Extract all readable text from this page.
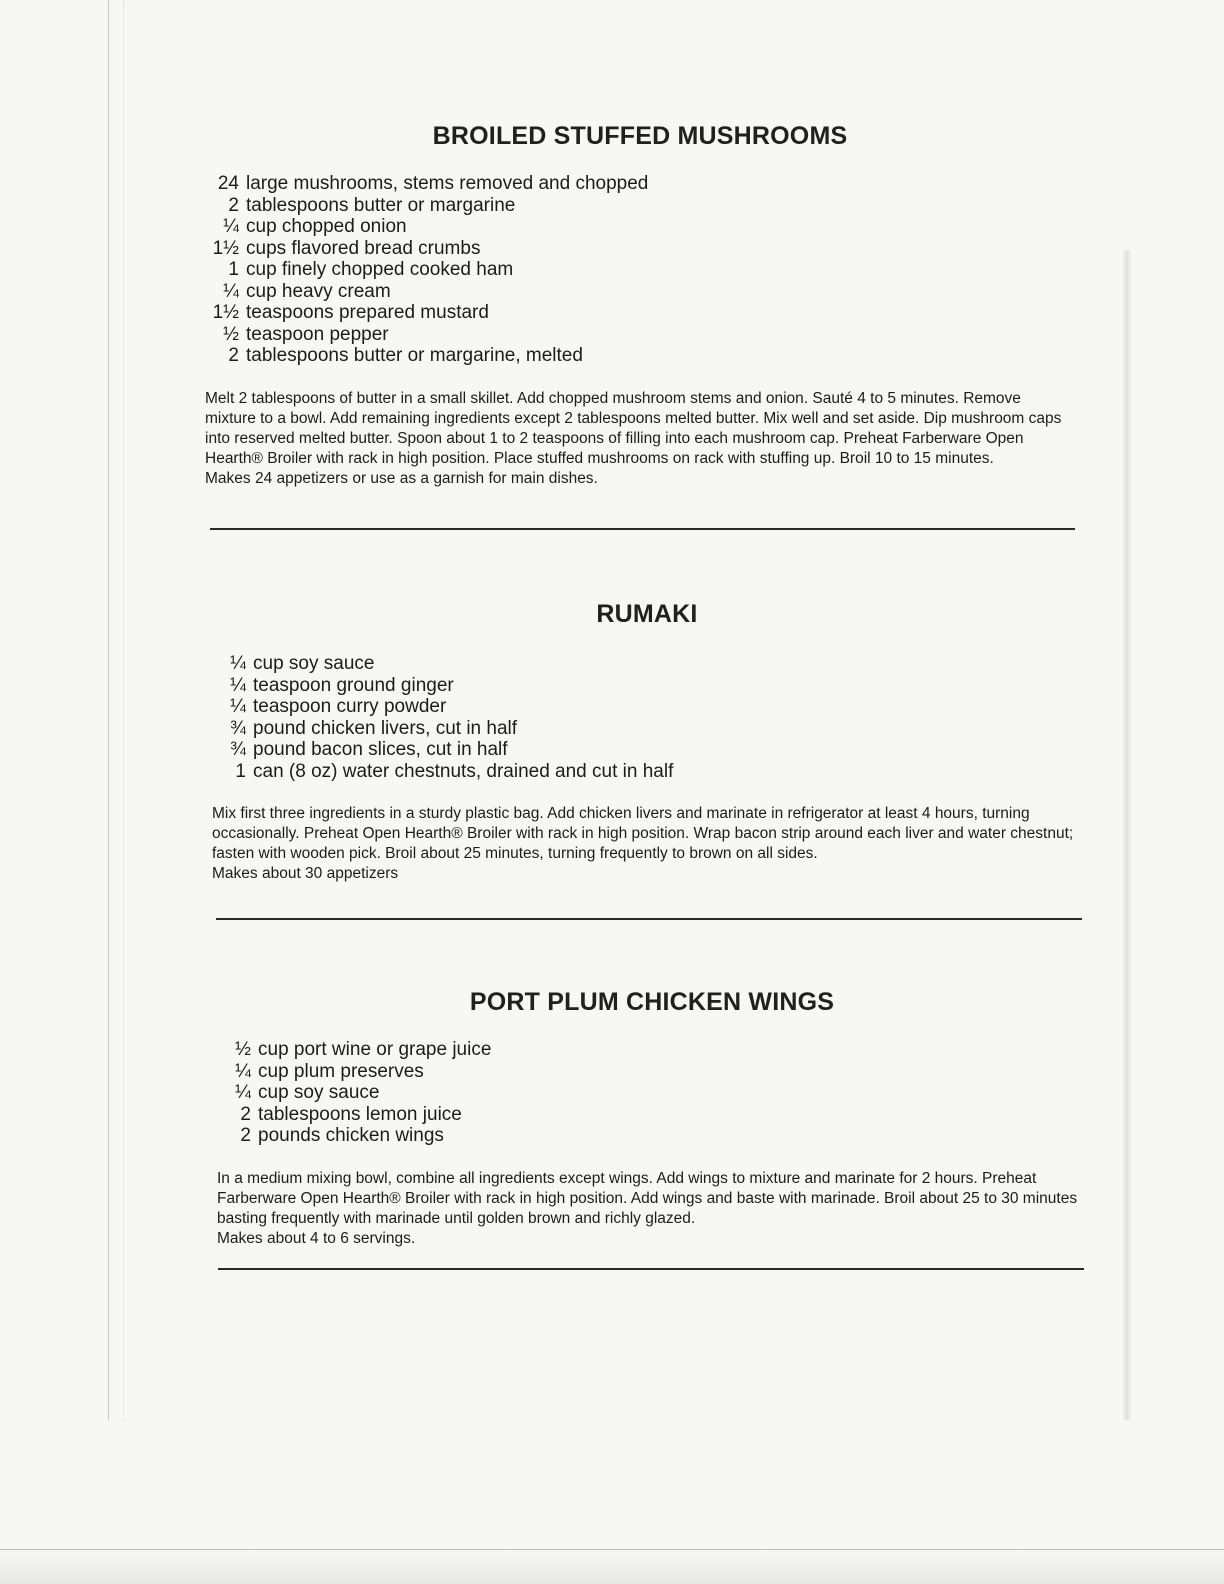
BROILED STUFFED MUSHROOMS
24 large mushrooms, stems removed and chopped
2 tablespoons butter or margarine
¼ cup chopped onion
1½ cups flavored bread crumbs
1 cup finely chopped cooked ham
¼ cup heavy cream
1½ teaspoons prepared mustard
½ teaspoon pepper
2 tablespoons butter or margarine, melted

Melt 2 tablespoons of butter in a small skillet. Add chopped mushroom stems and onion. Sauté 4 to 5 minutes. Remove mixture to a bowl. Add remaining ingredients except 2 tablespoons melted butter. Mix well and set aside. Dip mushroom caps into reserved melted butter. Spoon about 1 to 2 teaspoons of filling into each mushroom cap. Preheat Farberware Open Hearth® Broiler with rack in high position. Place stuffed mushrooms on rack with stuffing up. Broil 10 to 15 minutes.

Makes 24 appetizers or use as a garnish for main dishes.

RUMAKI
¼ cup soy sauce
¼ teaspoon ground ginger
¼ teaspoon curry powder
¾ pound chicken livers, cut in half
¾ pound bacon slices, cut in half
1 can (8 oz) water chestnuts, drained and cut in half

Mix first three ingredients in a sturdy plastic bag. Add chicken livers and marinate in refrigerator at least 4 hours, turning occasionally. Preheat Open Hearth® Broiler with rack in high position. Wrap bacon strip around each liver and water chestnut; fasten with wooden pick. Broil about 25 minutes, turning frequently to brown on all sides.

Makes about 30 appetizers

PORT PLUM CHICKEN WINGS
½ cup port wine or grape juice
¼ cup plum preserves
¼ cup soy sauce
2 tablespoons lemon juice
2 pounds chicken wings

In a medium mixing bowl, combine all ingredients except wings. Add wings to mixture and marinate for 2 hours. Preheat Farberware Open Hearth® Broiler with rack in high position. Add wings and baste with marinade. Broil about 25 to 30 minutes basting frequently with marinade until golden brown and richly glazed.

Makes about 4 to 6 servings.
